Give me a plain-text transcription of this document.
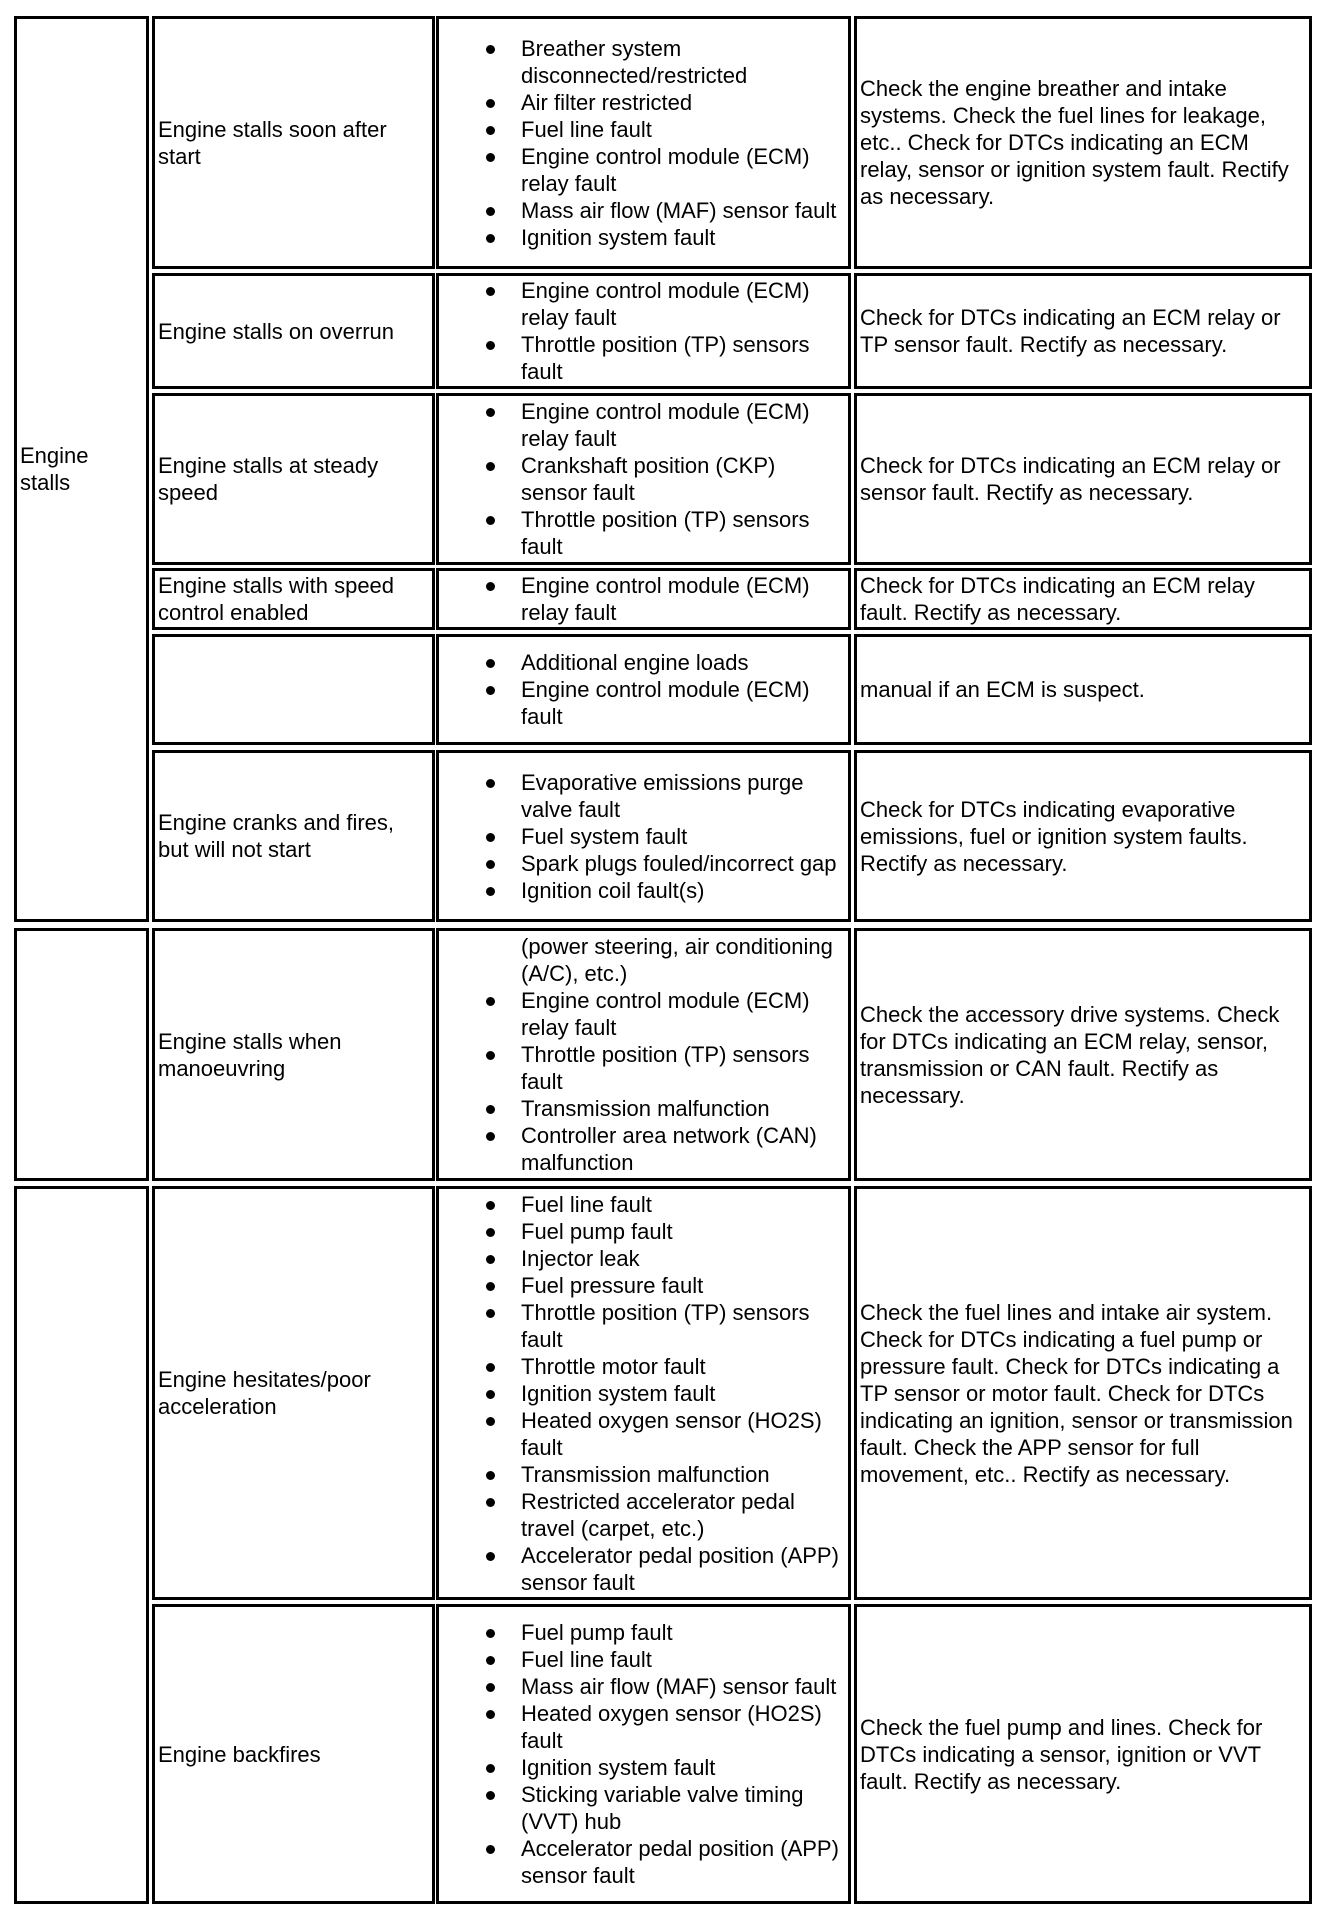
Engine
stalls
Engine stalls soon after
start
Breather system disconnected/restricted
Air filter restricted
Fuel line fault
Engine control module (ECM) relay fault
Mass air flow (MAF) sensor fault
Ignition system fault
Check the engine breather and intake systems. Check the fuel lines for leakage, etc.. Check for DTCs indicating an ECM relay, sensor or ignition system fault. Rectify as necessary.
Engine stalls on overrun
Engine control module (ECM) relay fault
Throttle position (TP) sensors fault
Check for DTCs indicating an ECM relay or TP sensor fault. Rectify as necessary.
Engine stalls at steady
speed
Engine control module (ECM) relay fault
Crankshaft position (CKP) sensor fault
Throttle position (TP) sensors fault
Check for DTCs indicating an ECM relay or sensor fault. Rectify as necessary.
Engine stalls with speed
control enabled
Engine control module (ECM) relay fault
Check for DTCs indicating an ECM relay fault. Rectify as necessary.
Additional engine loads
Engine control module (ECM) fault
manual if an ECM is suspect.
Engine cranks and fires,
but will not start
Evaporative emissions purge valve fault
Fuel system fault
Spark plugs fouled/incorrect gap
Ignition coil fault(s)
Check for DTCs indicating evaporative emissions, fuel or ignition system faults. Rectify as necessary.
Engine stalls when
manoeuvring
(power steering, air conditioning (A/C), etc.)
Engine control module (ECM) relay fault
Throttle position (TP) sensors fault
Transmission malfunction
Controller area network (CAN) malfunction
Check the accessory drive systems. Check for DTCs indicating an ECM relay, sensor, transmission or CAN fault. Rectify as necessary.
Engine hesitates/poor
acceleration
Fuel line fault
Fuel pump fault
Injector leak
Fuel pressure fault
Throttle position (TP) sensors fault
Throttle motor fault
Ignition system fault
Heated oxygen sensor (HO2S) fault
Transmission malfunction
Restricted accelerator pedal travel (carpet, etc.)
Accelerator pedal position (APP) sensor fault
Check the fuel lines and intake air system. Check for DTCs indicating a fuel pump or pressure fault. Check for DTCs indicating a TP sensor or motor fault. Check for DTCs indicating an ignition, sensor or transmission fault. Check the APP sensor for full movement, etc.. Rectify as necessary.
Engine backfires
Fuel pump fault
Fuel line fault
Mass air flow (MAF) sensor fault
Heated oxygen sensor (HO2S) fault
Ignition system fault
Sticking variable valve timing (VVT) hub
Accelerator pedal position (APP) sensor fault
Check the fuel pump and lines. Check for DTCs indicating a sensor, ignition or VVT fault. Rectify as necessary.
